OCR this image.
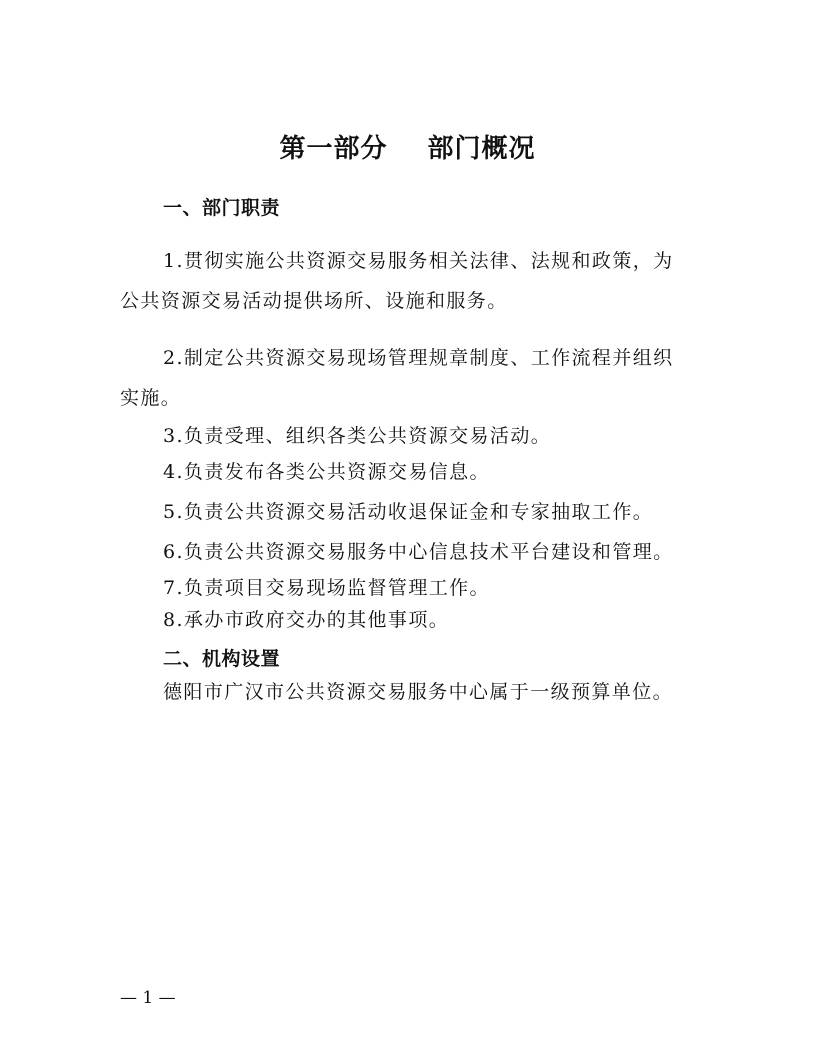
第一部分  部门概况
一、部门职责
1.贯彻实施公共资源交易服务相关法律、法规和政策，为
公共资源交易活动提供场所、设施和服务。
2.制定公共资源交易现场管理规章制度、工作流程并组织
实施。
3.负责受理、组织各类公共资源交易活动。
4.负责发布各类公共资源交易信息。
5.负责公共资源交易活动收退保证金和专家抽取工作。
6.负责公共资源交易服务中心信息技术平台建设和管理。
7.负责项目交易现场监督管理工作。
8.承办市政府交办的其他事项。
二、机构设置
德阳市广汉市公共资源交易服务中心属于一级预算单位。
— 1 —
